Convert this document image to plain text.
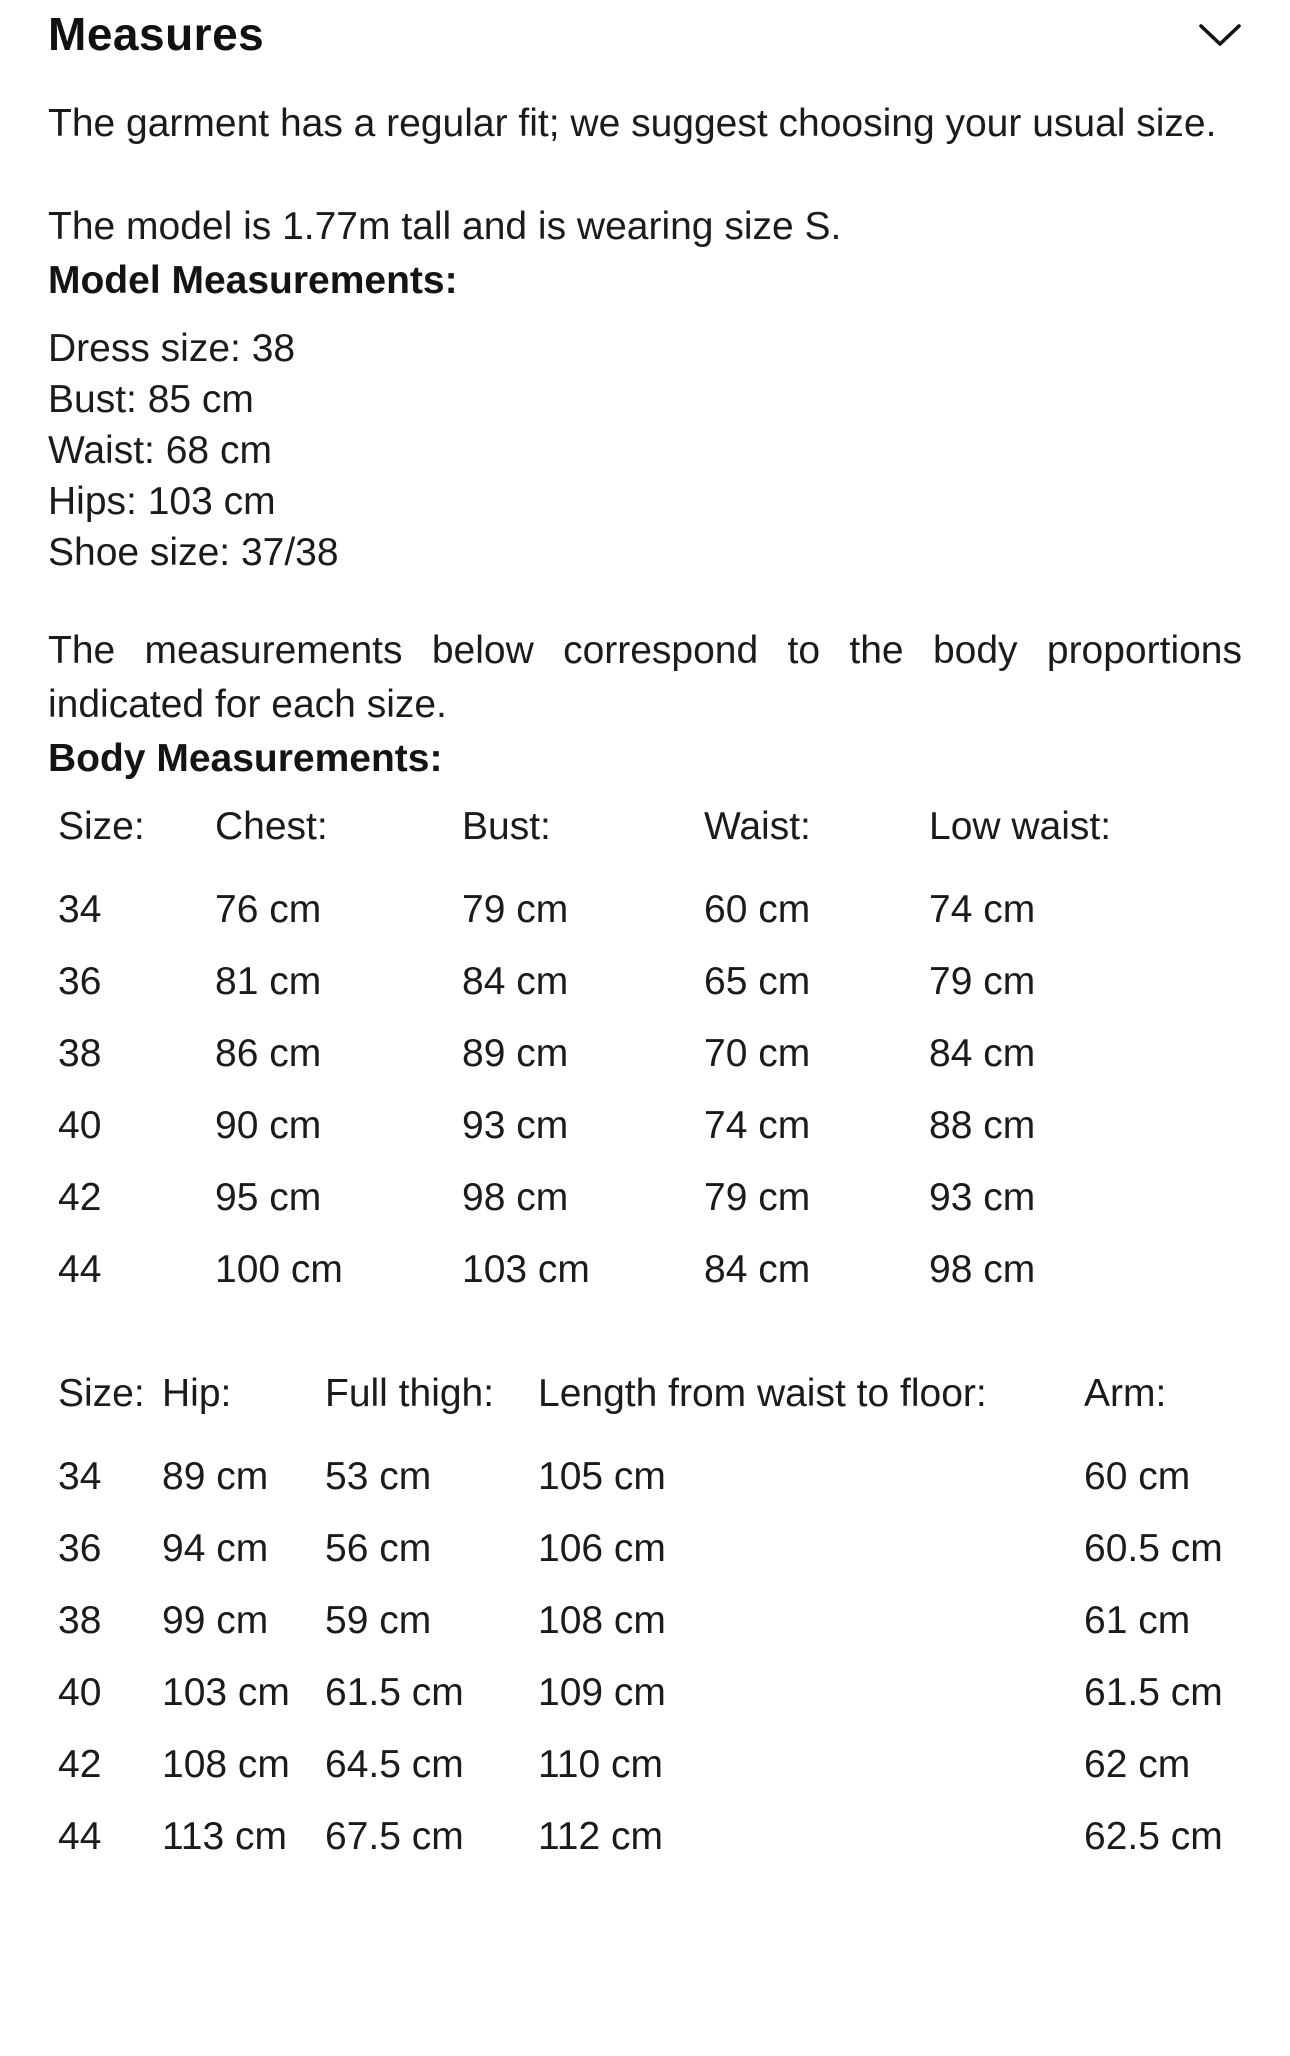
Measures

The garment has a regular fit; we suggest choosing your usual size.

The model is 1.77m tall and is wearing size S.

Model Measurements:
Dress size: 38
Bust: 85 cm
Waist: 68 cm
Hips: 103 cm
Shoe size: 37/38

The measurements below correspond to the body proportions indicated for each size.

Body Measurements:
Size:	Chest:	Bust:	Waist:	Low waist:
34	76 cm	79 cm	60 cm	74 cm
36	81 cm	84 cm	65 cm	79 cm
38	86 cm	89 cm	70 cm	84 cm
40	90 cm	93 cm	74 cm	88 cm
42	95 cm	98 cm	79 cm	93 cm
44	100 cm	103 cm	84 cm	98 cm
Size:	Hip:	Full thigh:	Length from waist to floor:	Arm:
34	89 cm	53 cm	105 cm	60 cm
36	94 cm	56 cm	106 cm	60.5 cm
38	99 cm	59 cm	108 cm	61 cm
40	103 cm	61.5 cm	109 cm	61.5 cm
42	108 cm	64.5 cm	110 cm	62 cm
44	113 cm	67.5 cm	112 cm	62.5 cm
